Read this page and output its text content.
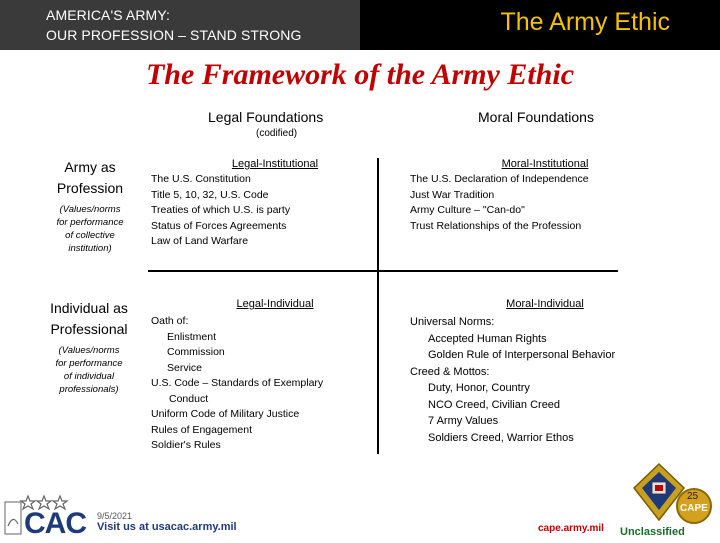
AMERICA'S ARMY:
OUR PROFESSION – STAND STRONG	The Army Ethic
The Framework of the Army Ethic
Legal Foundations
(codified)
Moral Foundations
Army as
Profession
(Values/norms
for performance
of collective
institution)
Individual as
Professional
(Values/norms
for performance
of individual
professionals)
Legal-Institutional
The U.S. Constitution
Title 5, 10, 32, U.S. Code
Treaties of which U.S. is party
Status of Forces Agreements
Law of Land Warfare
Moral-Institutional
The U.S. Declaration of Independence
Just War Tradition
Army Culture – "Can-do"
Trust Relationships of the Profession
Legal-Individual
Oath of:
Enlistment
Commission
Service
U.S. Code – Standards of Exemplary
Conduct
Uniform Code of Military Justice
Rules of Engagement
Soldier's Rules
Moral-Individual
Universal Norms:
Accepted Human Rights
Golden Rule of Interpersonal Behavior
Creed & Mottos:
Duty, Honor, Country
NCO Creed, Civilian Creed
7 Army Values
Soldiers Creed, Warrior Ethos
CAC 9/5/2021
Visit us at usacac.army.mil	cape.army.mil
25
CAPE
Unclassified
